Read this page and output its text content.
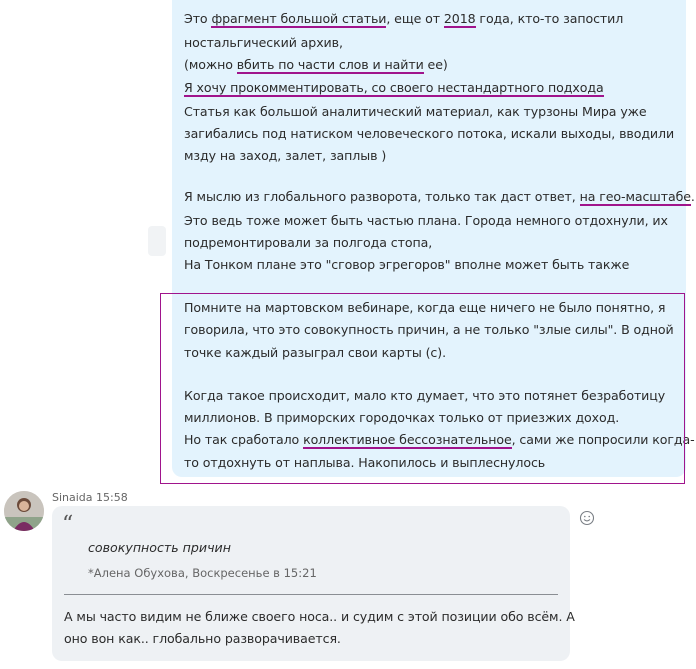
Это фрагмент большой статьи, еще от 2018 года, кто-то запостил
ностальгический архив,
(можно вбить по части слов и найти ее)
Я хочу прокомментировать, со своего нестандартного подхода
Статья как большой аналитический материал, как турзоны Мира уже
загибались под натиском человеческого потока, искали выходы, вводили
мзду на заход, залет, заплыв )
Я мыслю из глобального разворота, только так даст ответ, на гео-масштабе.
Это ведь тоже может быть частью плана. Города немного отдохнули, их
подремонтировали за полгода стопа,
На Тонком плане это "сговор эгрегоров" вполне может быть также
Помните на мартовском вебинаре, когда еще ничего не было понятно, я
говорила, что это совокупность причин, а не только "злые силы". В одной
точке каждый разыграл свои карты (с).
Когда такое происходит, мало кто думает, что это потянет безработицу
миллионов. В приморских городочках только от приезжих доход.
Но так сработало коллективное бессознательное, сами же попросили когда-
то отдохнуть от наплыва. Накопилось и выплеснулось
Sinaida 15:58
“
совокупность причин
*Алена Обухова, Воскресенье в 15:21
А мы часто видим не ближе своего носа.. и судим с этой позиции обо всём. А
оно вон как.. глобально разворачивается.
